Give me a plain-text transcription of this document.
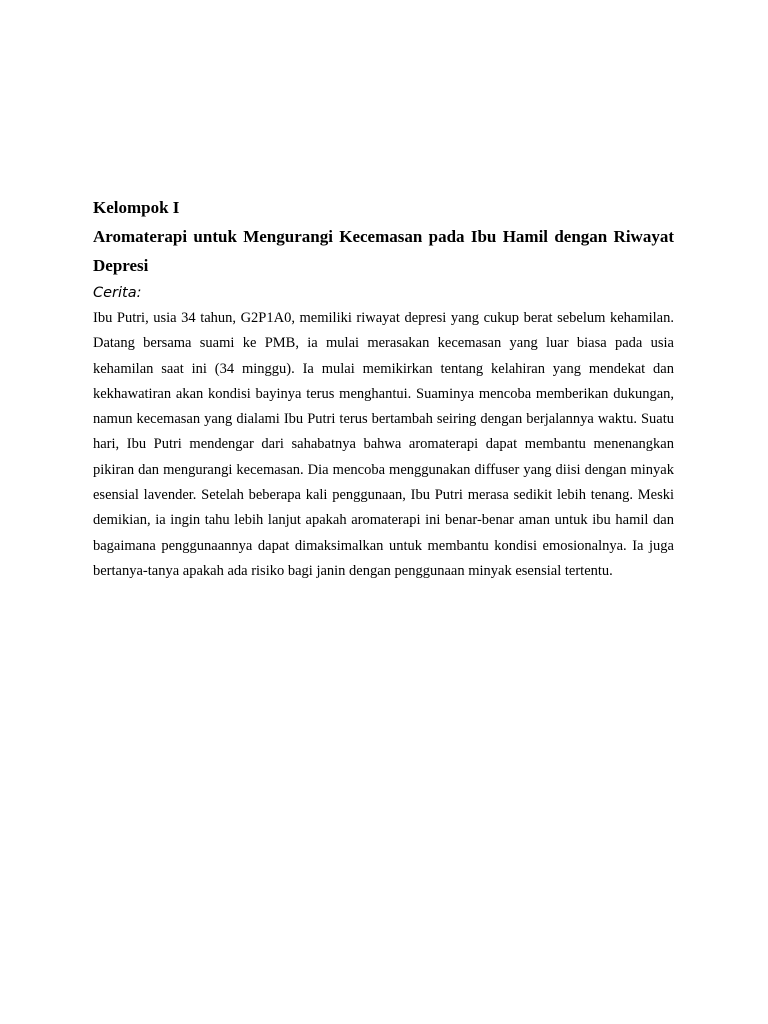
Kelompok I

Aromaterapi untuk Mengurangi Kecemasan pada Ibu Hamil dengan Riwayat Depresi

Cerita:

Ibu Putri, usia 34 tahun, G2P1A0, memiliki riwayat depresi yang cukup berat sebelum kehamilan. Datang bersama suami ke PMB, ia mulai merasakan kecemasan yang luar biasa pada usia kehamilan saat ini (34 minggu). Ia mulai memikirkan tentang kelahiran yang mendekat dan kekhawatiran akan kondisi bayinya terus menghantui. Suaminya mencoba memberikan dukungan, namun kecemasan yang dialami Ibu Putri terus bertambah seiring dengan berjalannya waktu. Suatu hari, Ibu Putri mendengar dari sahabatnya bahwa aromaterapi dapat membantu menenangkan pikiran dan mengurangi kecemasan. Dia mencoba menggunakan diffuser yang diisi dengan minyak esensial lavender. Setelah beberapa kali penggunaan, Ibu Putri merasa sedikit lebih tenang. Meski demikian, ia ingin tahu lebih lanjut apakah aromaterapi ini benar-benar aman untuk ibu hamil dan bagaimana penggunaannya dapat dimaksimalkan untuk membantu kondisi emosionalnya. Ia juga bertanya-tanya apakah ada risiko bagi janin dengan penggunaan minyak esensial tertentu.
